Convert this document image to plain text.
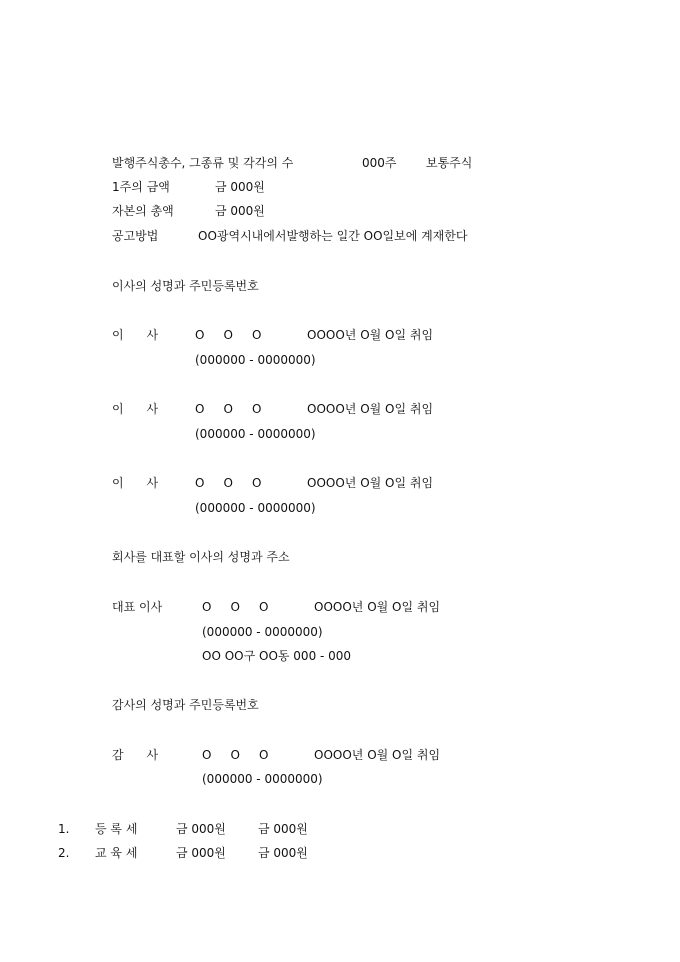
발행주식총수, 그종류 및 각각의 수	000주 보통주식
1주의 금액	금 000원
자본의 총액	금 000원
공고방법	OO광역시내에서발행하는 일간 OO일보에 계재한다
이사의 성명과 주민등록번호
이      사	O     O     O	OOOO년 O월 O일 취임
(000000 - 0000000)
이      사	O     O     O	OOOO년 O월 O일 취임
(000000 - 0000000)
이      사	O     O     O	OOOO년 O월 O일 취임
(000000 - 0000000)
회사를 대표할 이사의 성명과 주소
대표 이사	O     O     O	OOOO년 O월 O일 취임
(000000 - 0000000)
OO OO구 OO동 000 - 000
감사의 성명과 주민등록번호
감      사	O     O     O	OOOO년 O월 O일 취임
(000000 - 0000000)
1. 등 록 세	금 000원	금 000원
2. 교 육 세	금 000원	금 000원
